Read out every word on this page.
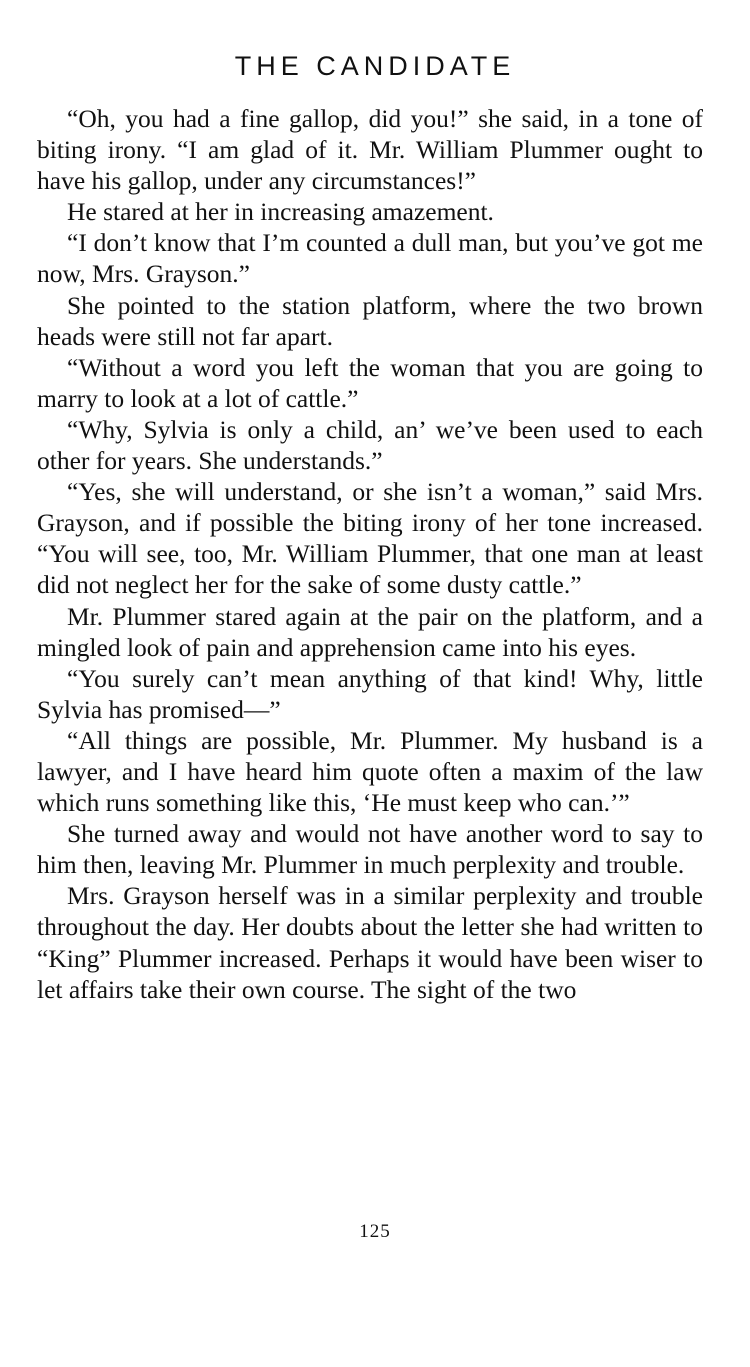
THE CANDIDATE

“Oh, you had a fine gallop, did you!” she said, in a tone of biting irony. “I am glad of it. Mr. William Plummer ought to have his gallop, under any circumstances!”

He stared at her in increasing amazement.

“I don’t know that I’m counted a dull man, but you’ve got me now, Mrs. Grayson.”

She pointed to the station platform, where the two brown heads were still not far apart.

“Without a word you left the woman that you are going to marry to look at a lot of cattle.”

“Why, Sylvia is only a child, an’ we’ve been used to each other for years. She understands.”

“Yes, she will understand, or she isn’t a woman,” said Mrs. Grayson, and if possible the biting irony of her tone increased. “You will see, too, Mr. William Plummer, that one man at least did not neglect her for the sake of some dusty cattle.”

Mr. Plummer stared again at the pair on the platform, and a mingled look of pain and apprehension came into his eyes.

“You surely can’t mean anything of that kind! Why, little Sylvia has promised—”

“All things are possible, Mr. Plummer. My husband is a lawyer, and I have heard him quote often a maxim of the law which runs something like this, ‘He must keep who can.’”

She turned away and would not have another word to say to him then, leaving Mr. Plummer in much perplexity and trouble.

Mrs. Grayson herself was in a similar perplexity and trouble throughout the day. Her doubts about the letter she had written to “King” Plummer increased. Perhaps it would have been wiser to let affairs take their own course. The sight of the two

125
